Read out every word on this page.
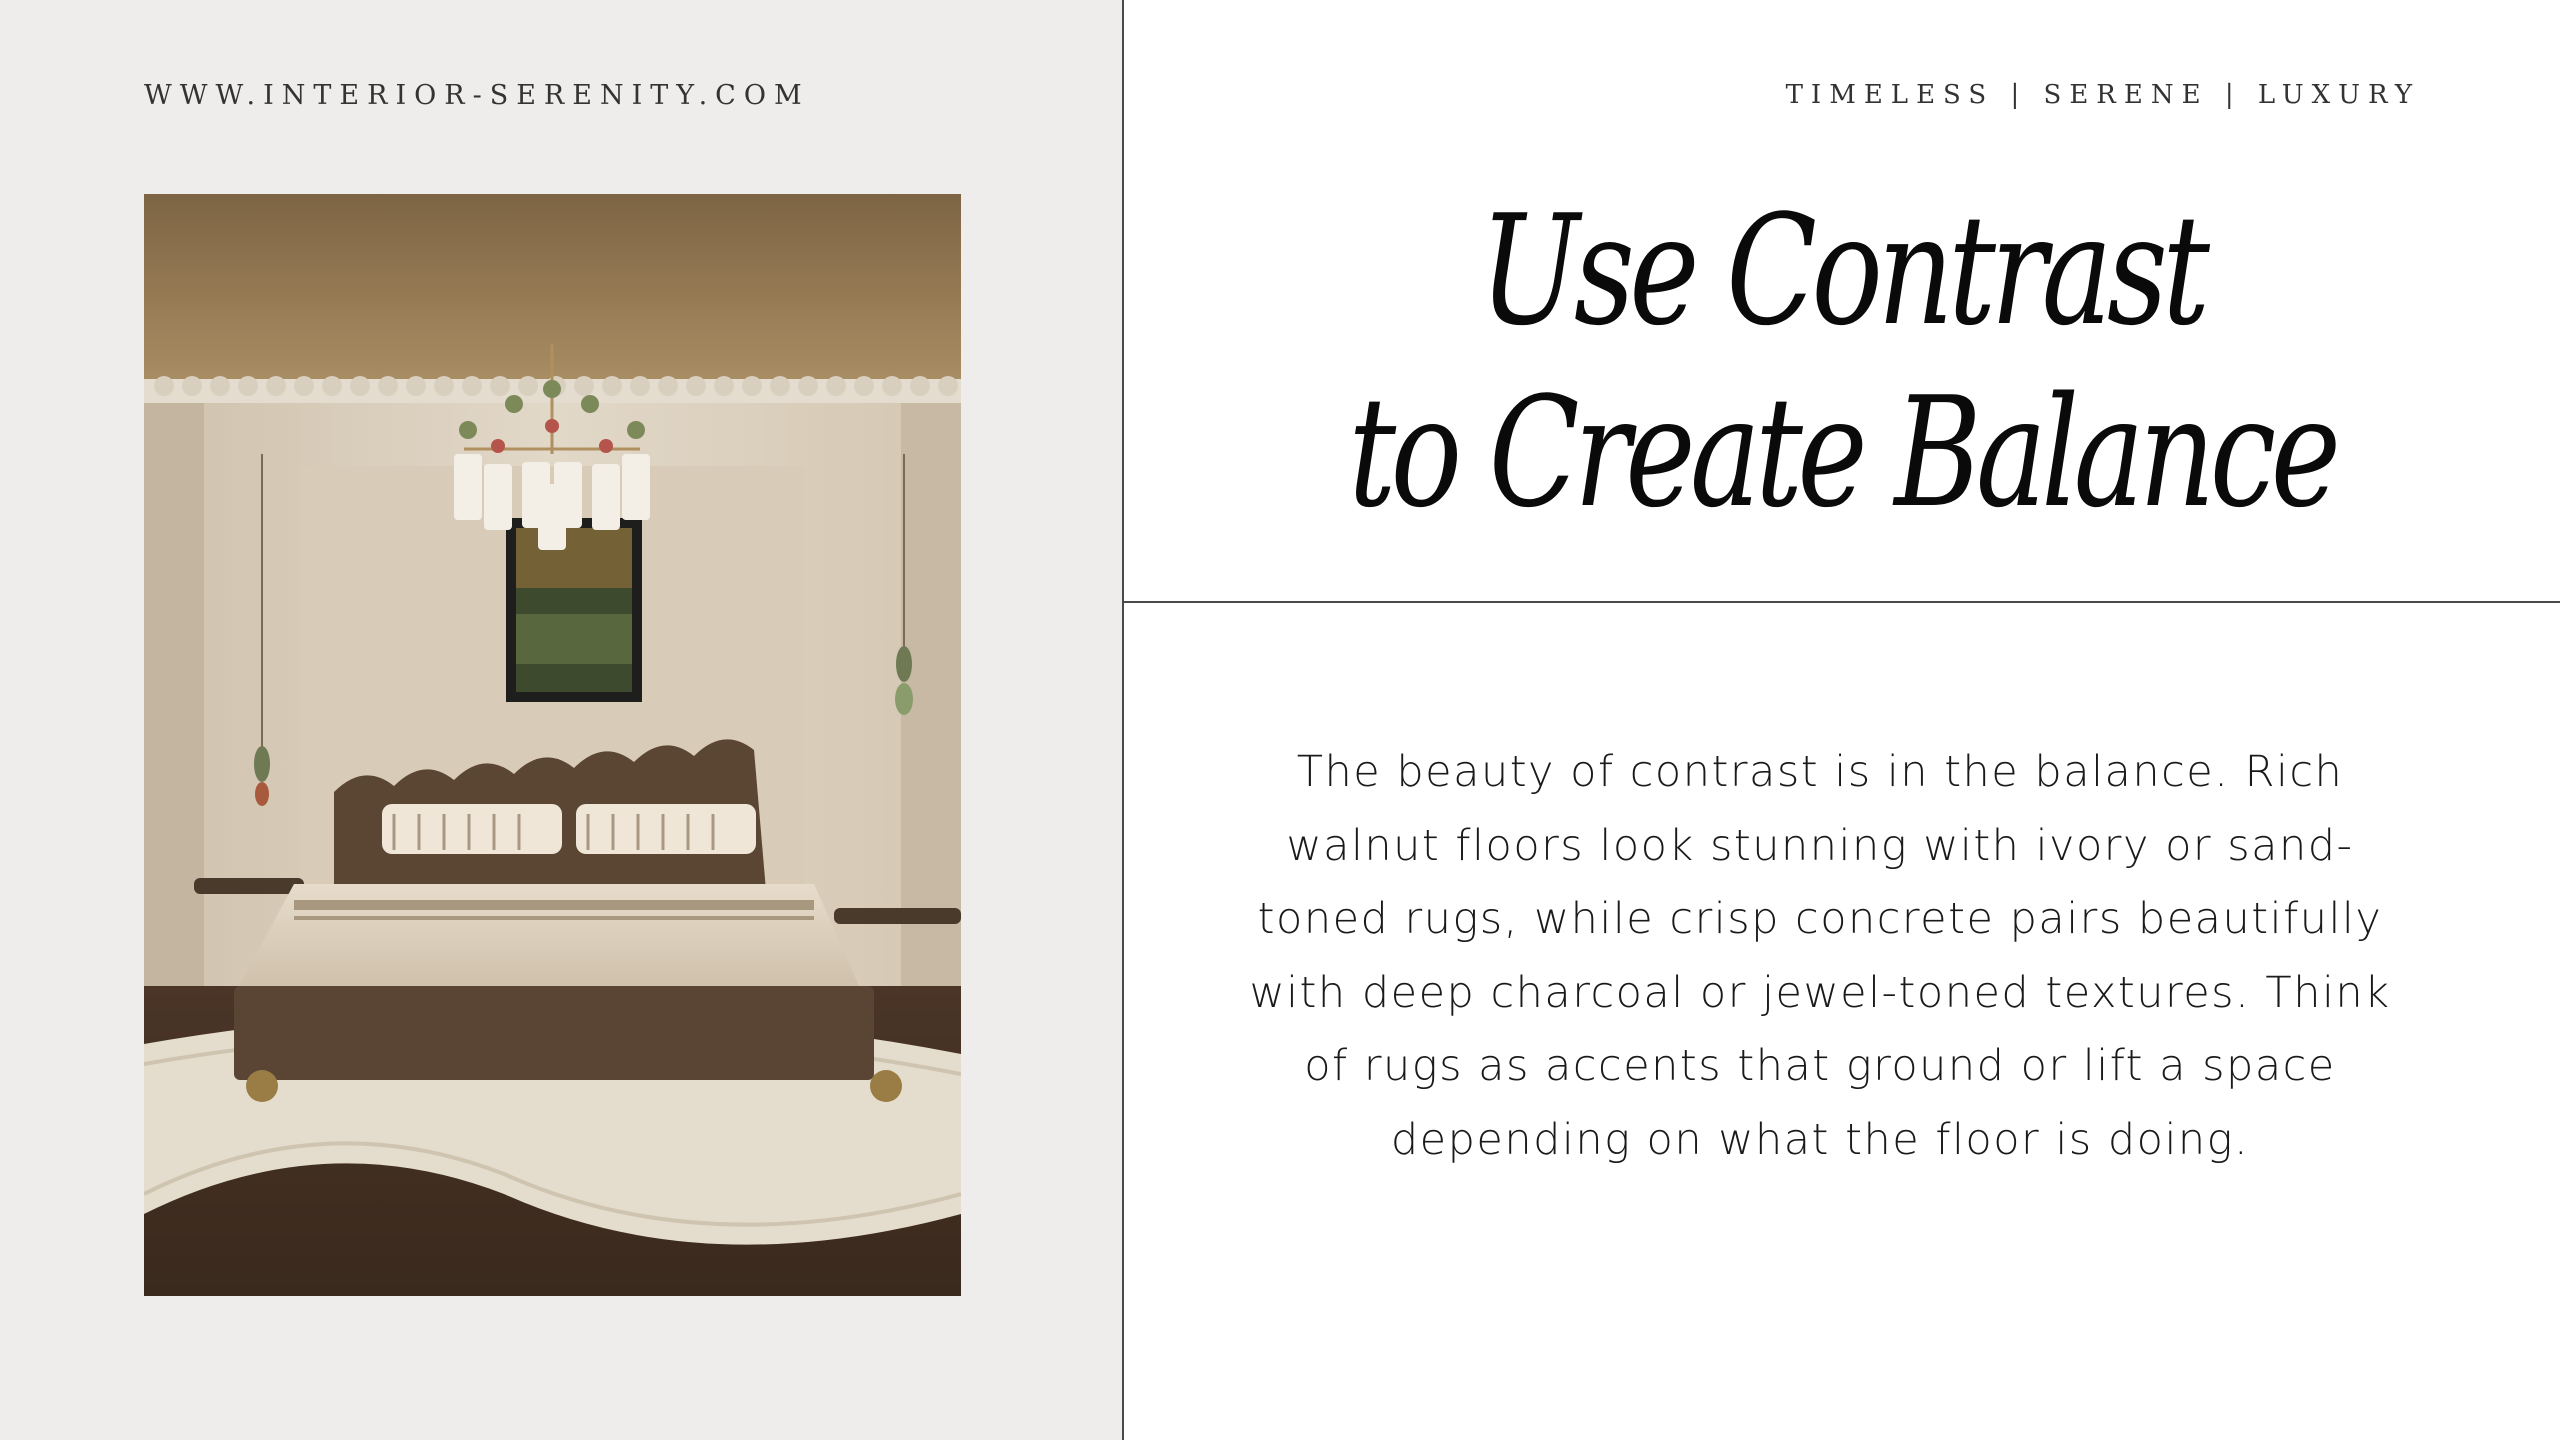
WWW.INTERIOR-SERENITY.COM	TIMELESS | SERENE | LUXURY
Use Contrast
to Create Balance
The beauty of contrast is in the balance. Rich walnut floors look stunning with ivory or sand-toned rugs, while crisp concrete pairs beautifully with deep charcoal or jewel-toned textures. Think of rugs as accents that ground or lift a space depending on what the floor is doing.
